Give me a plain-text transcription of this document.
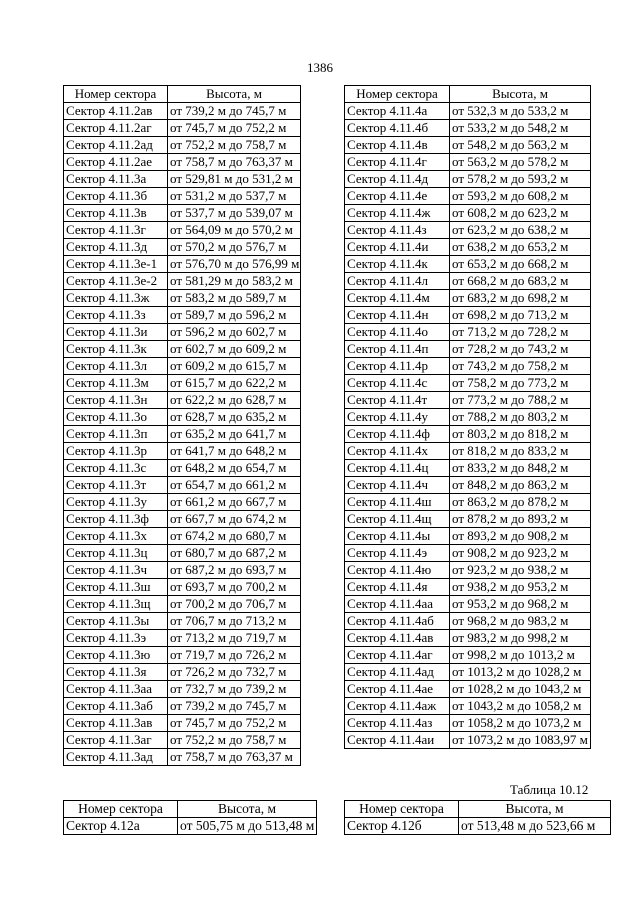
1386
Номер сектора	Высота, м
Сектор 4.11.2ав	от 739,2 м до 745,7 м
Сектор 4.11.2аг	от 745,7 м до 752,2 м
Сектор 4.11.2ад	от 752,2 м до 758,7 м
Сектор 4.11.2ае	от 758,7 м до 763,37 м
Сектор 4.11.3а	от 529,81 м до 531,2 м
Сектор 4.11.3б	от 531,2 м до 537,7 м
Сектор 4.11.3в	от 537,7 м до 539,07 м
Сектор 4.11.3г	от 564,09 м до 570,2 м
Сектор 4.11.3д	от 570,2 м до 576,7 м
Сектор 4.11.3е-1	от 576,70 м до 576,99 м
Сектор 4.11.3е-2	от 581,29 м до 583,2 м
Сектор 4.11.3ж	от 583,2 м до 589,7 м
Сектор 4.11.3з	от 589,7 м до 596,2 м
Сектор 4.11.3и	от 596,2 м до 602,7 м
Сектор 4.11.3к	от 602,7 м до 609,2 м
Сектор 4.11.3л	от 609,2 м до 615,7 м
Сектор 4.11.3м	от 615,7 м до 622,2 м
Сектор 4.11.3н	от 622,2 м до 628,7 м
Сектор 4.11.3о	от 628,7 м до 635,2 м
Сектор 4.11.3п	от 635,2 м до 641,7 м
Сектор 4.11.3р	от 641,7 м до 648,2 м
Сектор 4.11.3с	от 648,2 м до 654,7 м
Сектор 4.11.3т	от 654,7 м до 661,2 м
Сектор 4.11.3у	от 661,2 м до 667,7 м
Сектор 4.11.3ф	от 667,7 м до 674,2 м
Сектор 4.11.3х	от 674,2 м до 680,7 м
Сектор 4.11.3ц	от 680,7 м до 687,2 м
Сектор 4.11.3ч	от 687,2 м до 693,7 м
Сектор 4.11.3ш	от 693,7 м до 700,2 м
Сектор 4.11.3щ	от 700,2 м до 706,7 м
Сектор 4.11.3ы	от 706,7 м до 713,2 м
Сектор 4.11.3э	от 713,2 м до 719,7 м
Сектор 4.11.3ю	от 719,7 м до 726,2 м
Сектор 4.11.3я	от 726,2 м до 732,7 м
Сектор 4.11.3аа	от 732,7 м до 739,2 м
Сектор 4.11.3аб	от 739,2 м до 745,7 м
Сектор 4.11.3ав	от 745,7 м до 752,2 м
Сектор 4.11.3аг	от 752,2 м до 758,7 м
Сектор 4.11.3ад	от 758,7 м до 763,37 м
Номер сектора	Высота, м
Сектор 4.11.4а	от 532,3 м до 533,2 м
Сектор 4.11.4б	от 533,2 м до 548,2 м
Сектор 4.11.4в	от 548,2 м до 563,2 м
Сектор 4.11.4г	от 563,2 м до 578,2 м
Сектор 4.11.4д	от 578,2 м до 593,2 м
Сектор 4.11.4е	от 593,2 м до 608,2 м
Сектор 4.11.4ж	от 608,2 м до 623,2 м
Сектор 4.11.4з	от 623,2 м до 638,2 м
Сектор 4.11.4и	от 638,2 м до 653,2 м
Сектор 4.11.4к	от 653,2 м до 668,2 м
Сектор 4.11.4л	от 668,2 м до 683,2 м
Сектор 4.11.4м	от 683,2 м до 698,2 м
Сектор 4.11.4н	от 698,2 м до 713,2 м
Сектор 4.11.4о	от 713,2 м до 728,2 м
Сектор 4.11.4п	от 728,2 м до 743,2 м
Сектор 4.11.4р	от 743,2 м до 758,2 м
Сектор 4.11.4с	от 758,2 м до 773,2 м
Сектор 4.11.4т	от 773,2 м до 788,2 м
Сектор 4.11.4у	от 788,2 м до 803,2 м
Сектор 4.11.4ф	от 803,2 м до 818,2 м
Сектор 4.11.4х	от 818,2 м до 833,2 м
Сектор 4.11.4ц	от 833,2 м до 848,2 м
Сектор 4.11.4ч	от 848,2 м до 863,2 м
Сектор 4.11.4ш	от 863,2 м до 878,2 м
Сектор 4.11.4щ	от 878,2 м до 893,2 м
Сектор 4.11.4ы	от 893,2 м до 908,2 м
Сектор 4.11.4э	от 908,2 м до 923,2 м
Сектор 4.11.4ю	от 923,2 м до 938,2 м
Сектор 4.11.4я	от 938,2 м до 953,2 м
Сектор 4.11.4аа	от 953,2 м до 968,2 м
Сектор 4.11.4аб	от 968,2 м до 983,2 м
Сектор 4.11.4ав	от 983,2 м до 998,2 м
Сектор 4.11.4аг	от 998,2 м до 1013,2 м
Сектор 4.11.4ад	от 1013,2 м до 1028,2 м
Сектор 4.11.4ае	от 1028,2 м до 1043,2 м
Сектор 4.11.4аж	от 1043,2 м до 1058,2 м
Сектор 4.11.4аз	от 1058,2 м до 1073,2 м
Сектор 4.11.4аи	от 1073,2 м до 1083,97 м
Таблица 10.12
Номер сектора	Высота, м
Сектор 4.12а	от 505,75 м до 513,48 м
Номер сектора	Высота, м
Сектор 4.12б	от 513,48 м до 523,66 м
